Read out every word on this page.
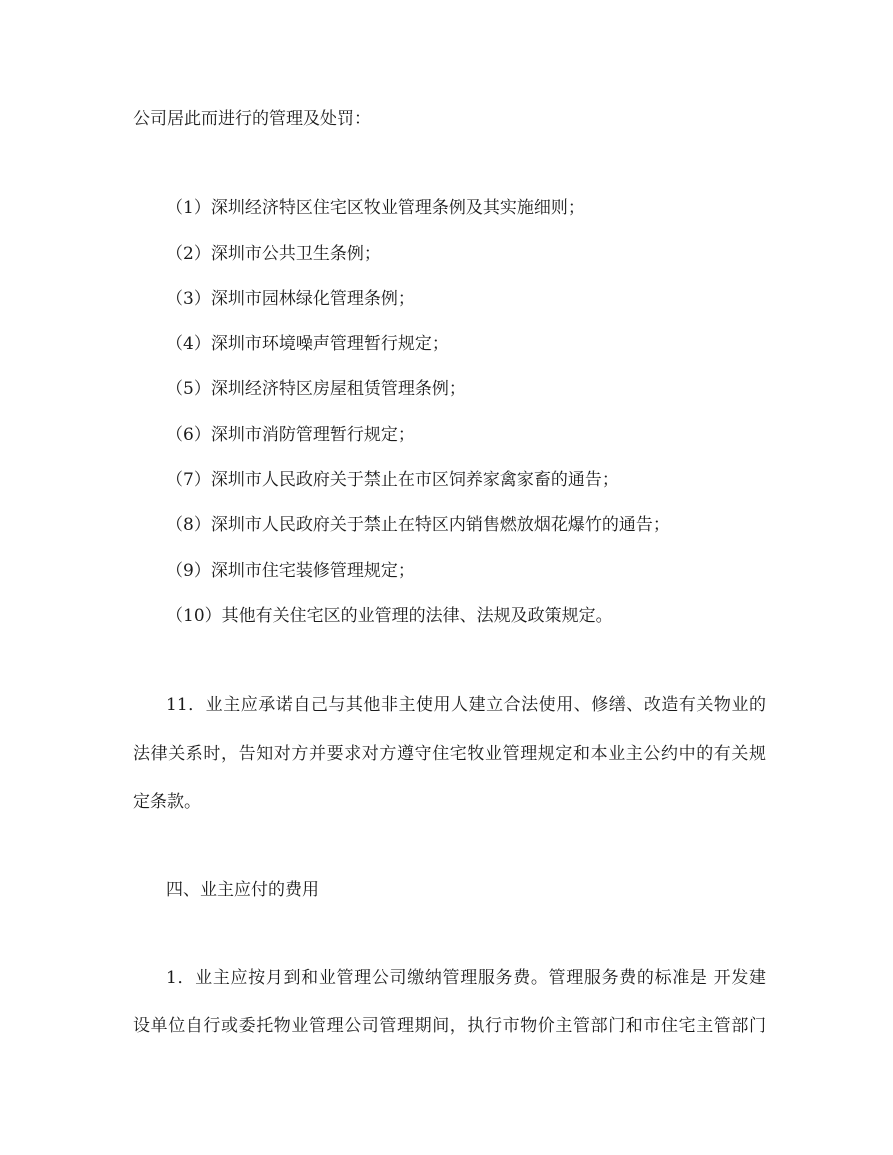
公司居此而进行的管理及处罚：
（1）深圳经济特区住宅区牧业管理条例及其实施细则；
（2）深圳市公共卫生条例；
（3）深圳市园林绿化管理条例；
（4）深圳市环境噪声管理暂行规定；
（5）深圳经济特区房屋租赁管理条例；
（6）深圳市消防管理暂行规定；
（7）深圳市人民政府关于禁止在市区饲养家禽家畜的通告；
（8）深圳市人民政府关于禁止在特区内销售燃放烟花爆竹的通告；
（9）深圳市住宅装修管理规定；
（10）其他有关住宅区的业管理的法律、法规及政策规定。
11．业主应承诺自己与其他非主使用人建立合法使用、修缮、改造有关物业的
法律关系时，告知对方并要求对方遵守住宅牧业管理规定和本业主公约中的有关规
定条款。
四、业主应付的费用
1．业主应按月到和业管理公司缴纳管理服务费。管理服务费的标准是 开发建
设单位自行或委托物业管理公司管理期间，执行市物价主管部门和市住宅主管部门
